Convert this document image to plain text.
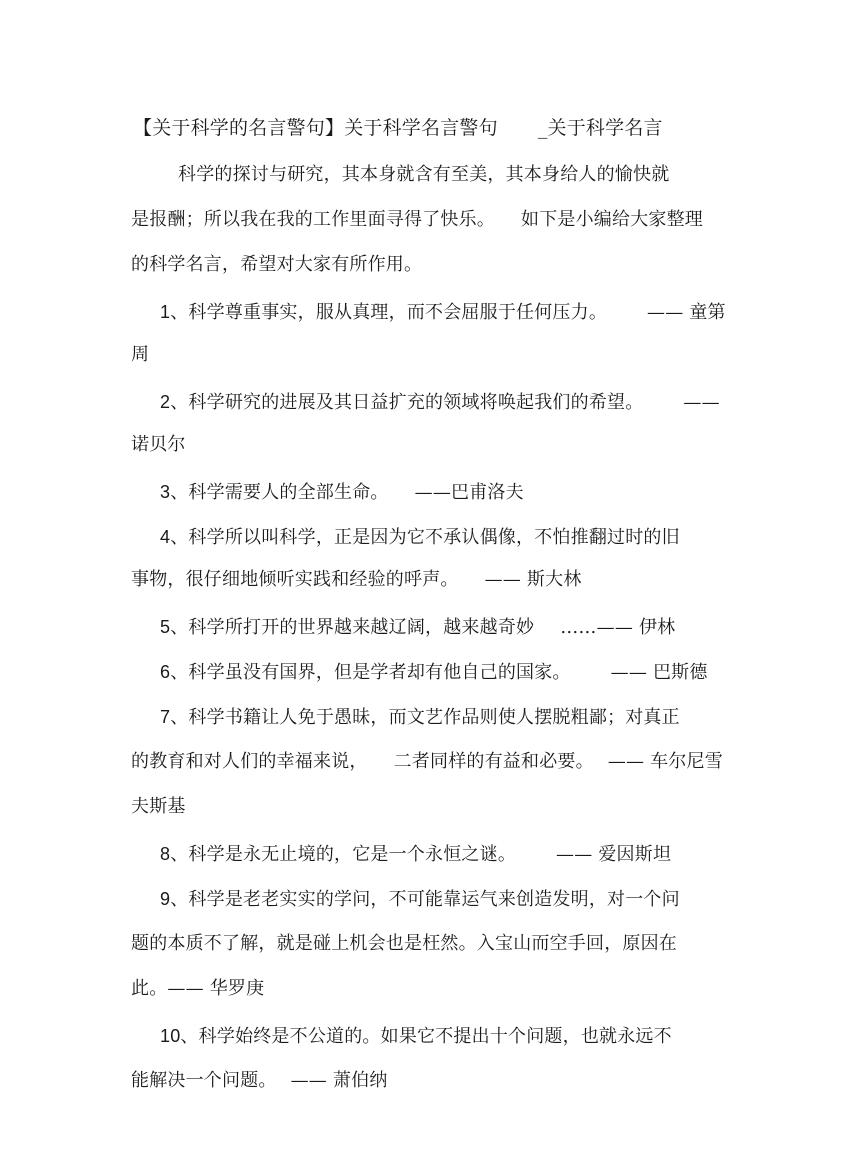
【关于科学的名言警句】关于科学名言警句 _关于科学名言
科学的探讨与研究，其本身就含有至美，其本身给人的愉快就
是报酬；所以我在我的工作里面寻得了快乐。 如下是小编给大家整理
的科学名言，希望对大家有所作用。
1、科学尊重事实，服从真理，而不会屈服于任何压力。 —— 童第
周
2、科学研究的进展及其日益扩充的领域将唤起我们的希望。 ——
诺贝尔
3、科学需要人的全部生命。 ——巴甫洛夫
4、科学所以叫科学，正是因为它不承认偶像，不怕推翻过时的旧
事物，很仔细地倾听实践和经验的呼声。 —— 斯大林
5、科学所打开的世界越来越辽阔，越来越奇妙 ……—— 伊林
6、科学虽没有国界，但是学者却有他自己的国家。 —— 巴斯德
7、科学书籍让人免于愚昧，而文艺作品则使人摆脱粗鄙；对真正
的教育和对人们的幸福来说， 二者同样的有益和必要。 —— 车尔尼雪
夫斯基
8、科学是永无止境的，它是一个永恒之谜。 —— 爱因斯坦
9、科学是老老实实的学问，不可能靠运气来创造发明，对一个问
题的本质不了解，就是碰上机会也是枉然。入宝山而空手回，原因在
此。—— 华罗庚
10、科学始终是不公道的。如果它不提出十个问题，也就永远不
能解决一个问题。 —— 萧伯纳
